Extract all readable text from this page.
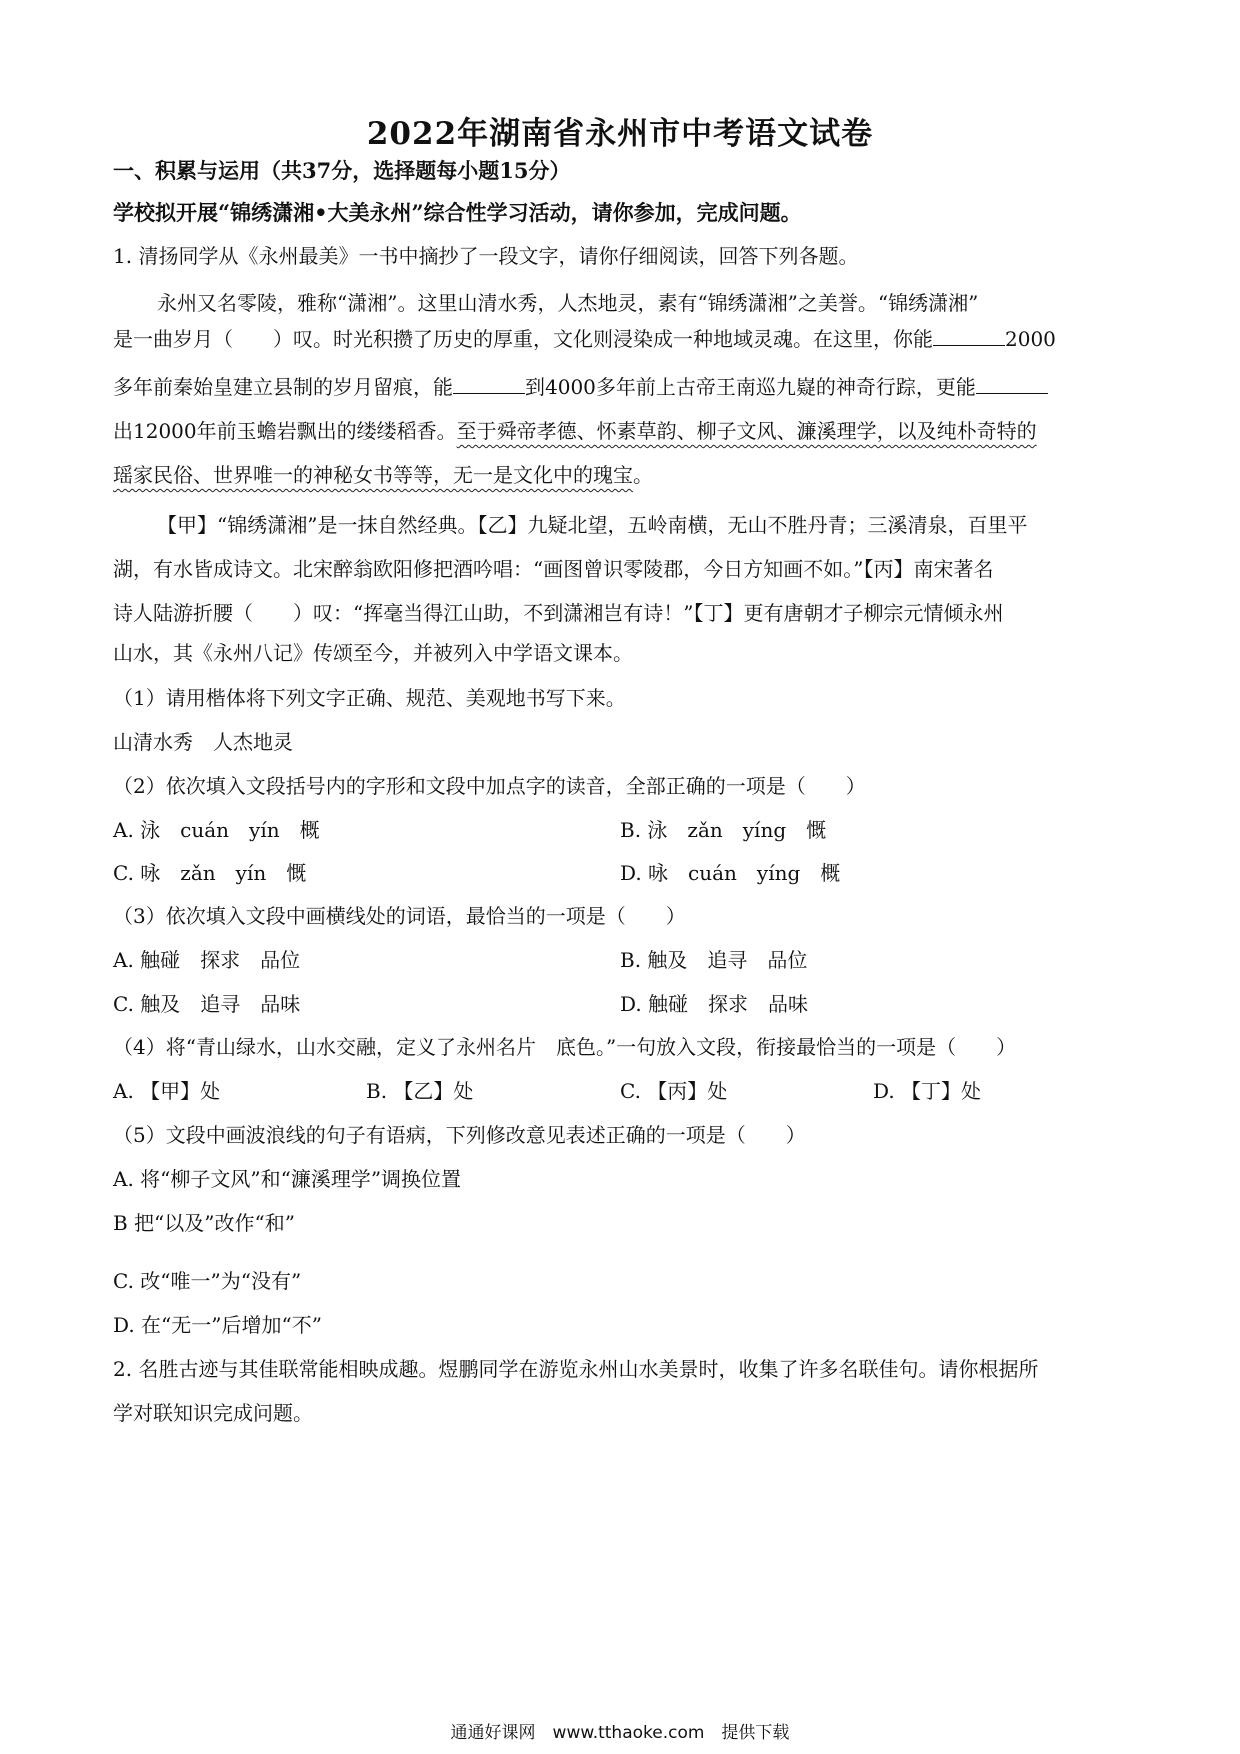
2022年湖南省永州市中考语文试卷
一、积累与运用（共37分，选择题每小题15分）
学校拟开展“锦绣潇湘•大美永州”综合性学习活动，请你参加，完成问题。
1. 清扬同学从《永州最美》一书中摘抄了一段文字，请你仔细阅读，回答下列各题。
永州又名零陵，雅称“潇湘”。这里山清水秀，人杰地灵，素有“锦绣潇湘”之美誉。“锦绣潇湘”
是一曲岁月（　　）叹。时光积攒了历史的厚重，文化则浸染成一种地域灵魂。在这里，你能	2000
多年前秦始皇建立县制的岁月留痕，能	到4000多年前上古帝王南巡九嶷的神奇行踪，更能
出12000年前玉蟾岩飘出的缕缕稻香。至于舜帝孝德、怀素草韵、柳子文风、濂溪理学，以及纯朴奇特的
瑶家民俗、世界唯一的神秘女书等等，无一是文化中的瑰宝。
【甲】“锦绣潇湘”是一抹自然经典。【乙】九疑北望，五岭南横，无山不胜丹青；三溪清泉，百里平
湖，有水皆成诗文。北宋醉翁欧阳修把酒吟唱：“画图曾识零陵郡，今日方知画不如。”【丙】南宋著名
诗人陆游折腰（　　）叹：“挥毫当得江山助，不到潇湘岂有诗！”【丁】更有唐朝才子柳宗元情倾永州
山水，其《永州八记》传颂至今，并被列入中学语文课本。
（1）请用楷体将下列文字正确、规范、美观地书写下来。
山清水秀　人杰地灵
（2）依次填入文段括号内的字形和文段中加点字的读音，全部正确的一项是（　　）
A. 泳　cuán　yín　概	B. 泳　zǎn　yíng　慨
C. 咏　zǎn　yín　慨	D. 咏　cuán　yíng　概
（3）依次填入文段中画横线处的词语，最恰当的一项是（　　）
A. 触碰　探求　品位	B. 触及　追寻　品位
C. 触及　追寻　品味	D. 触碰　探求　品味
（4）将“青山绿水，山水交融，定义了永州名片　底色。”一句放入文段，衔接最恰当的一项是（　　）
A. 【甲】处	B. 【乙】处	C. 【丙】处	D. 【丁】处
（5）文段中画波浪线的句子有语病，下列修改意见表述正确的一项是（　　）
A. 将“柳子文风”和“濂溪理学”调换位置
B 把“以及”改作“和”
C. 改“唯一”为“没有”
D. 在“无一”后增加“不”
2. 名胜古迹与其佳联常能相映成趣。煜鹏同学在游览永州山水美景时，收集了许多名联佳句。请你根据所
学对联知识完成问题。
通通好课网　www.tthaoke.com　提供下载
